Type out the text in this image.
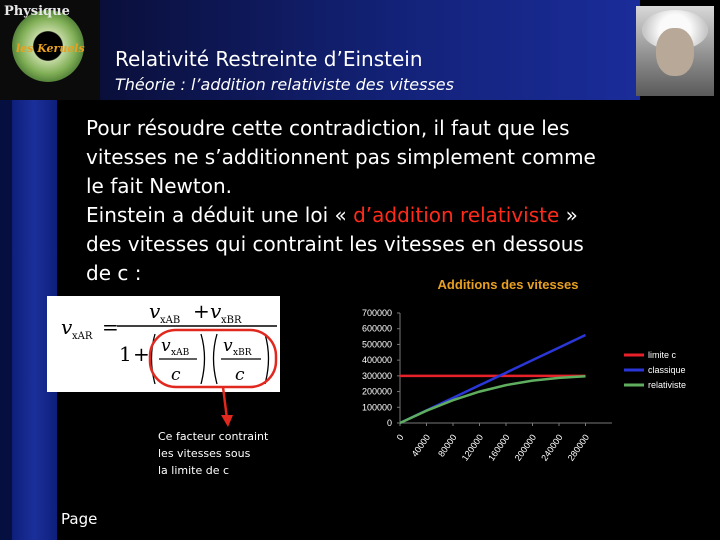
Physique
les Keruels Relativité Restreinte d’Einstein
Théorie : l’addition relativiste des vitesses
Pour résoudre cette contradiction, il faut que les
vitesses ne s’additionnent pas simplement comme
le fait Newton.
Einstein a déduit une loi « d’addition relativiste »
des vitesses qui contraint les vitesses en dessous
de c :
v xAR =
v xAB + v xBR
1 + v xAB
c
v xBR
c
Ce facteur contraint
les vitesses sous
la limite de c
Page
Additions des vitesses
0
100000
200000
300000
400000
500000
600000
700000
0 40000 80000 120000 160000 200000 240000 280000
limite c
classique
relativiste
